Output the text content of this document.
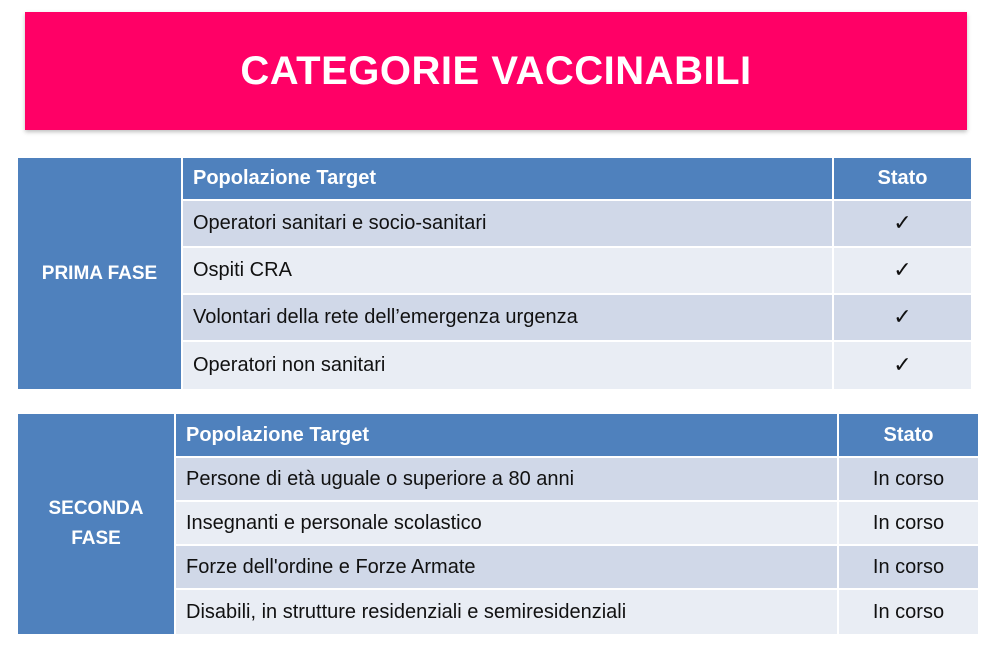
CATEGORIE VACCINABILI
PRIMA FASE
Popolazione Target	Stato
Operatori sanitari e socio-sanitari	✓
Ospiti CRA	✓
Volontari della rete dell’emergenza urgenza	✓
Operatori non sanitari	✓
SECONDA FASE
Popolazione Target	Stato
Persone di età uguale o superiore a 80 anni	In corso
Insegnanti e personale scolastico	In corso
Forze dell'ordine e Forze Armate	In corso
Disabili, in strutture residenziali e semiresidenziali	In corso
